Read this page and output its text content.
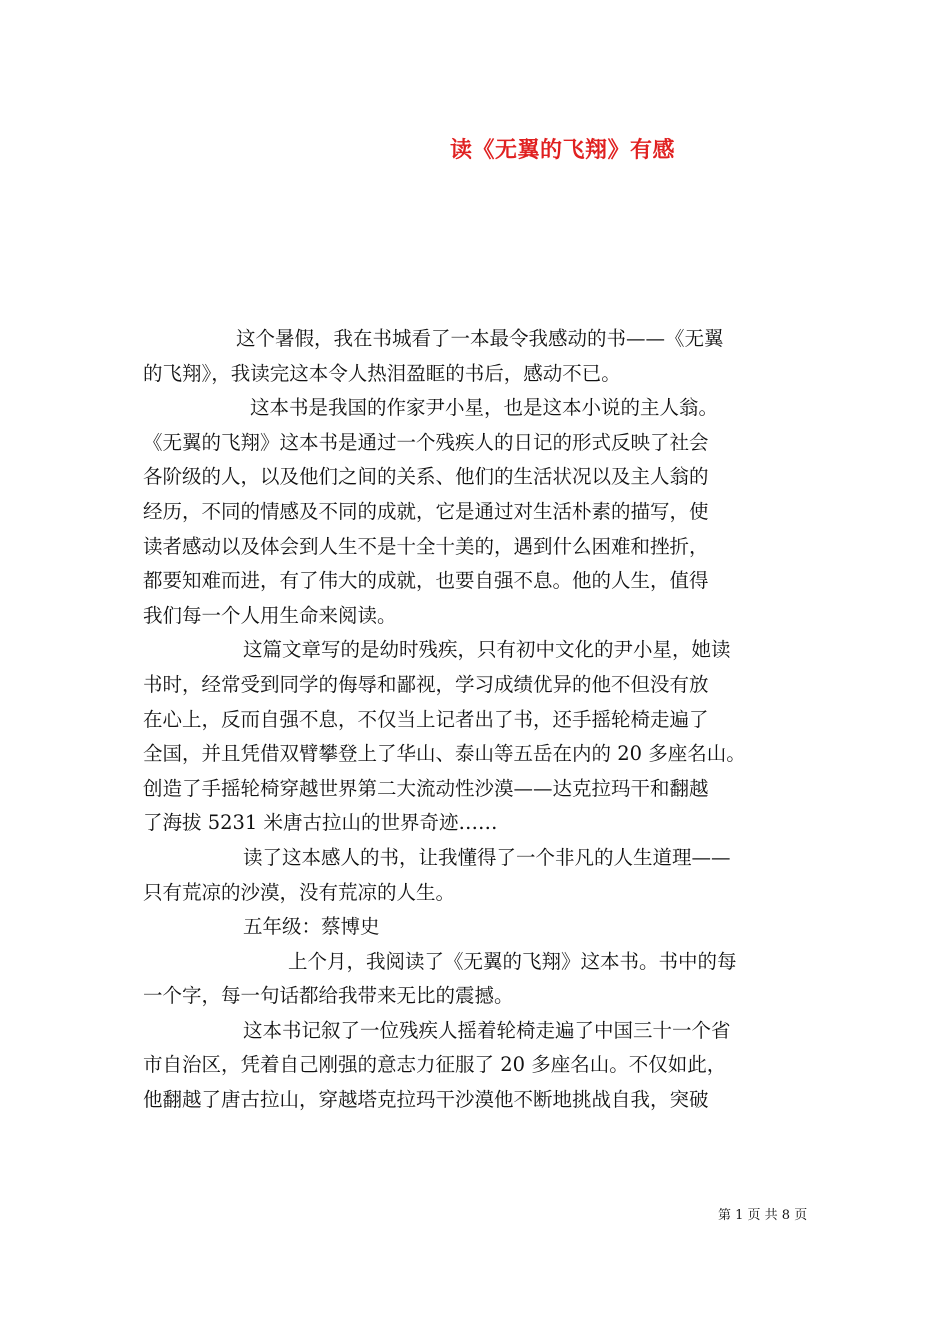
读《无翼的飞翔》有感
这个暑假，我在书城看了一本最令我感动的书——《无翼
的飞翔》，我读完这本令人热泪盈眶的书后，感动不已。
这本书是我国的作家尹小星，也是这本小说的主人翁。
《无翼的飞翔》这本书是通过一个残疾人的日记的形式反映了社会
各阶级的人，以及他们之间的关系、他们的生活状况以及主人翁的
经历，不同的情感及不同的成就，它是通过对生活朴素的描写，使
读者感动以及体会到人生不是十全十美的，遇到什么困难和挫折，
都要知难而进，有了伟大的成就，也要自强不息。他的人生，值得
我们每一个人用生命来阅读。
这篇文章写的是幼时残疾，只有初中文化的尹小星，她读
书时，经常受到同学的侮辱和鄙视，学习成绩优异的他不但没有放
在心上，反而自强不息，不仅当上记者出了书，还手摇轮椅走遍了
全国，并且凭借双臂攀登上了华山、泰山等五岳在内的 20 多座名山。
创造了手摇轮椅穿越世界第二大流动性沙漠——达克拉玛干和翻越
了海拔 5231 米唐古拉山的世界奇迹……
读了这本感人的书，让我懂得了一个非凡的人生道理——
只有荒凉的沙漠，没有荒凉的人生。
五年级：蔡博史
上个月，我阅读了《无翼的飞翔》这本书。书中的每
一个字，每一句话都给我带来无比的震撼。
这本书记叙了一位残疾人摇着轮椅走遍了中国三十一个省
市自治区，凭着自己刚强的意志力征服了 20 多座名山。不仅如此，
他翻越了唐古拉山，穿越塔克拉玛干沙漠他不断地挑战自我，突破
第 1 页 共 8 页
